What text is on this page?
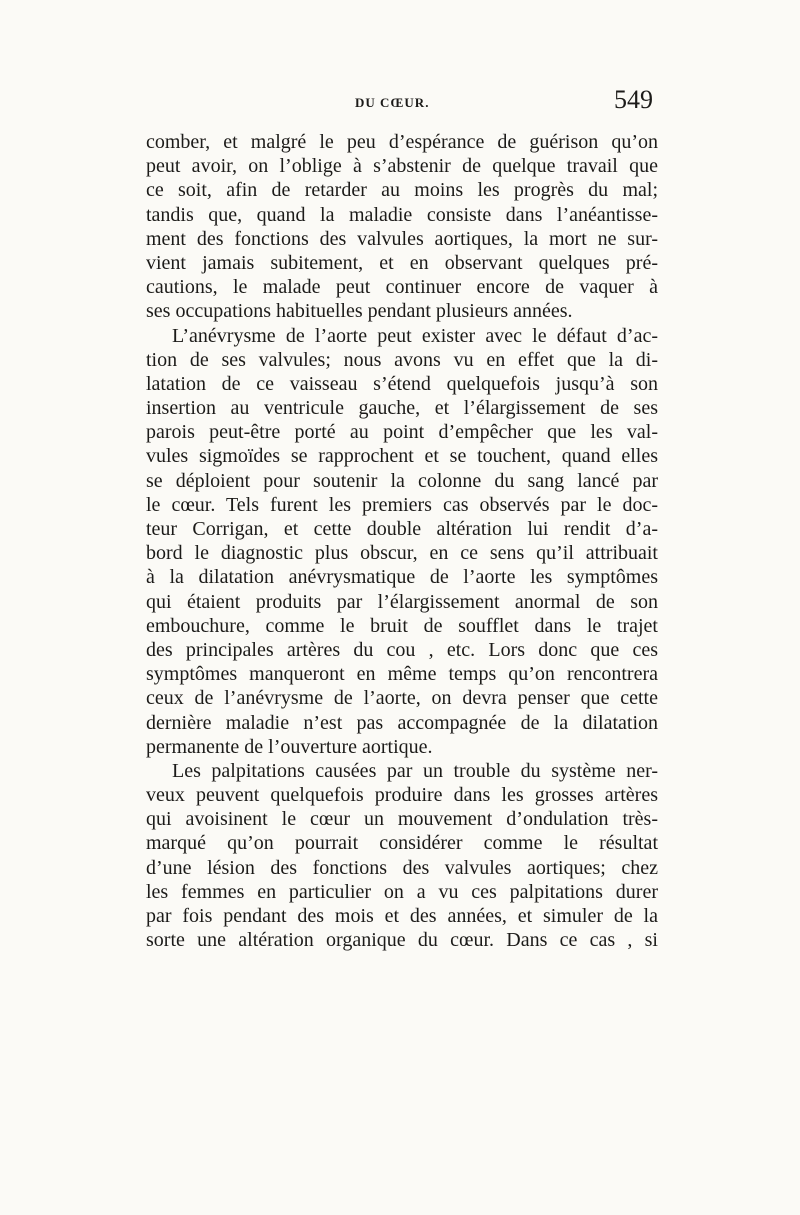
DU CŒUR.	549
comber, et malgré le peu d’espérance de guérison qu’on
peut avoir, on l’oblige à s’abstenir de quelque travail que
ce soit, afin de retarder au moins les progrès du mal;
tandis que, quand la maladie consiste dans l’anéantisse-
ment des fonctions des valvules aortiques, la mort ne sur-
vient jamais subitement, et en observant quelques pré-
cautions, le malade peut continuer encore de vaquer à
ses occupations habituelles pendant plusieurs années.
L’anévrysme de l’aorte peut exister avec le défaut d’ac-
tion de ses valvules; nous avons vu en effet que la di-
latation de ce vaisseau s’étend quelquefois jusqu’à son
insertion au ventricule gauche, et l’élargissement de ses
parois peut-être porté au point d’empêcher que les val-
vules sigmoïdes se rapprochent et se touchent, quand elles
se déploient pour soutenir la colonne du sang lancé par
le cœur. Tels furent les premiers cas observés par le doc-
teur Corrigan, et cette double altération lui rendit d’a-
bord le diagnostic plus obscur, en ce sens qu’il attribuait
à la dilatation anévrysmatique de l’aorte les symptômes
qui étaient produits par l’élargissement anormal de son
embouchure, comme le bruit de soufflet dans le trajet
des principales artères du cou , etc. Lors donc que ces
symptômes manqueront en même temps qu’on rencontrera
ceux de l’anévrysme de l’aorte, on devra penser que cette
dernière maladie n’est pas accompagnée de la dilatation
permanente de l’ouverture aortique.
Les palpitations causées par un trouble du système ner-
veux peuvent quelquefois produire dans les grosses artères
qui avoisinent le cœur un mouvement d’ondulation très-
marqué qu’on pourrait considérer comme le résultat
d’une lésion des fonctions des valvules aortiques; chez
les femmes en particulier on a vu ces palpitations durer
par fois pendant des mois et des années, et simuler de la
sorte une altération organique du cœur. Dans ce cas , si
